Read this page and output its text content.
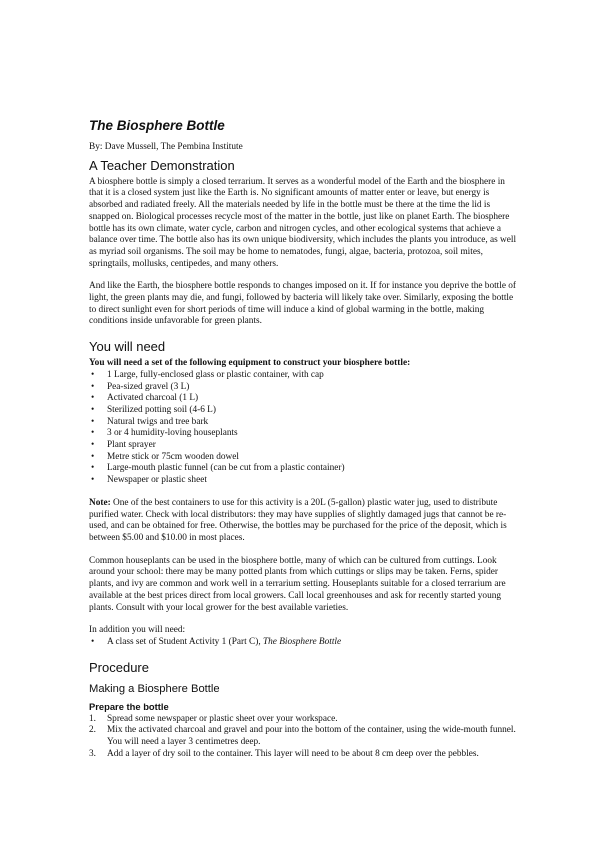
The Biosphere Bottle

By: Dave Mussell, The Pembina Institute

A Teacher Demonstration

A biosphere bottle is simply a closed terrarium. It serves as a wonderful model of the Earth and the biosphere in that it is a closed system just like the Earth is. No significant amounts of matter enter or leave, but energy is absorbed and radiated freely. All the materials needed by life in the bottle must be there at the time the lid is snapped on. Biological processes recycle most of the matter in the bottle, just like on planet Earth. The biosphere bottle has its own climate, water cycle, carbon and nitrogen cycles, and other ecological systems that achieve a balance over time. The bottle also has its own unique biodiversity, which includes the plants you introduce, as well as myriad soil organisms. The soil may be home to nematodes, fungi, algae, bacteria, protozoa, soil mites, springtails, mollusks, centipedes, and many others.

And like the Earth, the biosphere bottle responds to changes imposed on it. If for instance you deprive the bottle of light, the green plants may die, and fungi, followed by bacteria will likely take over. Similarly, exposing the bottle to direct sunlight even for short periods of time will induce a kind of global warming in the bottle, making conditions inside unfavorable for green plants.

You will need

You will need a set of the following equipment to construct your biosphere bottle:

• 1 Large, fully-enclosed glass or plastic container, with cap
• Pea-sized gravel (3 L)
• Activated charcoal (1 L)
• Sterilized potting soil (4-6 L)
• Natural twigs and tree bark
• 3 or 4 humidity-loving houseplants
• Plant sprayer
• Metre stick or 75cm wooden dowel
• Large-mouth plastic funnel (can be cut from a plastic container)
• Newspaper or plastic sheet

Note: One of the best containers to use for this activity is a 20L (5-gallon) plastic water jug, used to distribute purified water. Check with local distributors: they may have supplies of slightly damaged jugs that cannot be re-used, and can be obtained for free. Otherwise, the bottles may be purchased for the price of the deposit, which is between $5.00 and $10.00 in most places.

Common houseplants can be used in the biosphere bottle, many of which can be cultured from cuttings. Look around your school: there may be many potted plants from which cuttings or slips may be taken. Ferns, spider plants, and ivy are common and work well in a terrarium setting. Houseplants suitable for a closed terrarium are available at the best prices direct from local growers. Call local greenhouses and ask for recently started young plants. Consult with your local grower for the best available varieties.

In addition you will need:

• A class set of Student Activity 1 (Part C), The Biosphere Bottle
Procedure
Making a Biosphere Bottle
Prepare the bottle
1.	Spread some newspaper or plastic sheet over your workspace.
2.	Mix the activated charcoal and gravel and pour into the bottom of the container, using the wide-mouth funnel. You will need a layer 3 centimetres deep.
3.	Add a layer of dry soil to the container. This layer will need to be about 8 cm deep over the pebbles.
